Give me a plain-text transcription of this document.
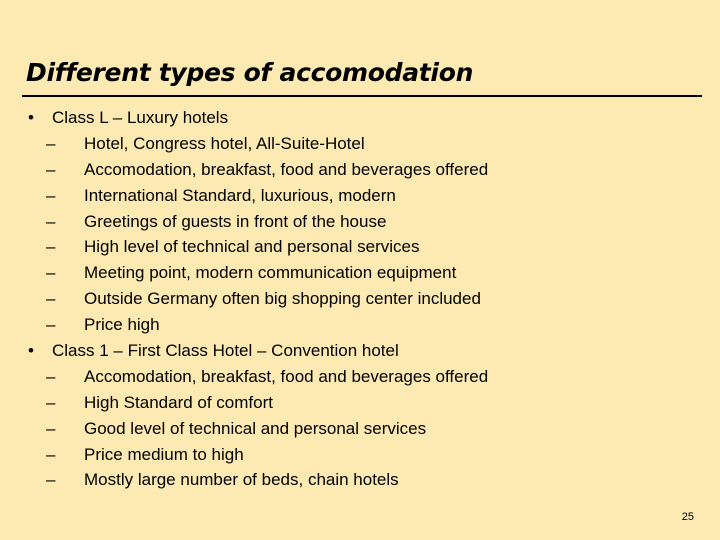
Different types of accomodation
• Class L – Luxury hotels
– Hotel, Congress hotel, All-Suite-Hotel
– Accomodation, breakfast, food and beverages offered
– International Standard, luxurious, modern
– Greetings of guests in front of the house
– High level of technical and personal services
– Meeting point, modern communication equipment
– Outside Germany often big shopping center included
– Price high
• Class 1 – First Class Hotel – Convention hotel
– Accomodation, breakfast, food and beverages offered
– High Standard of comfort
– Good level of technical and personal services
– Price medium to high
– Mostly large number of beds, chain hotels
25
